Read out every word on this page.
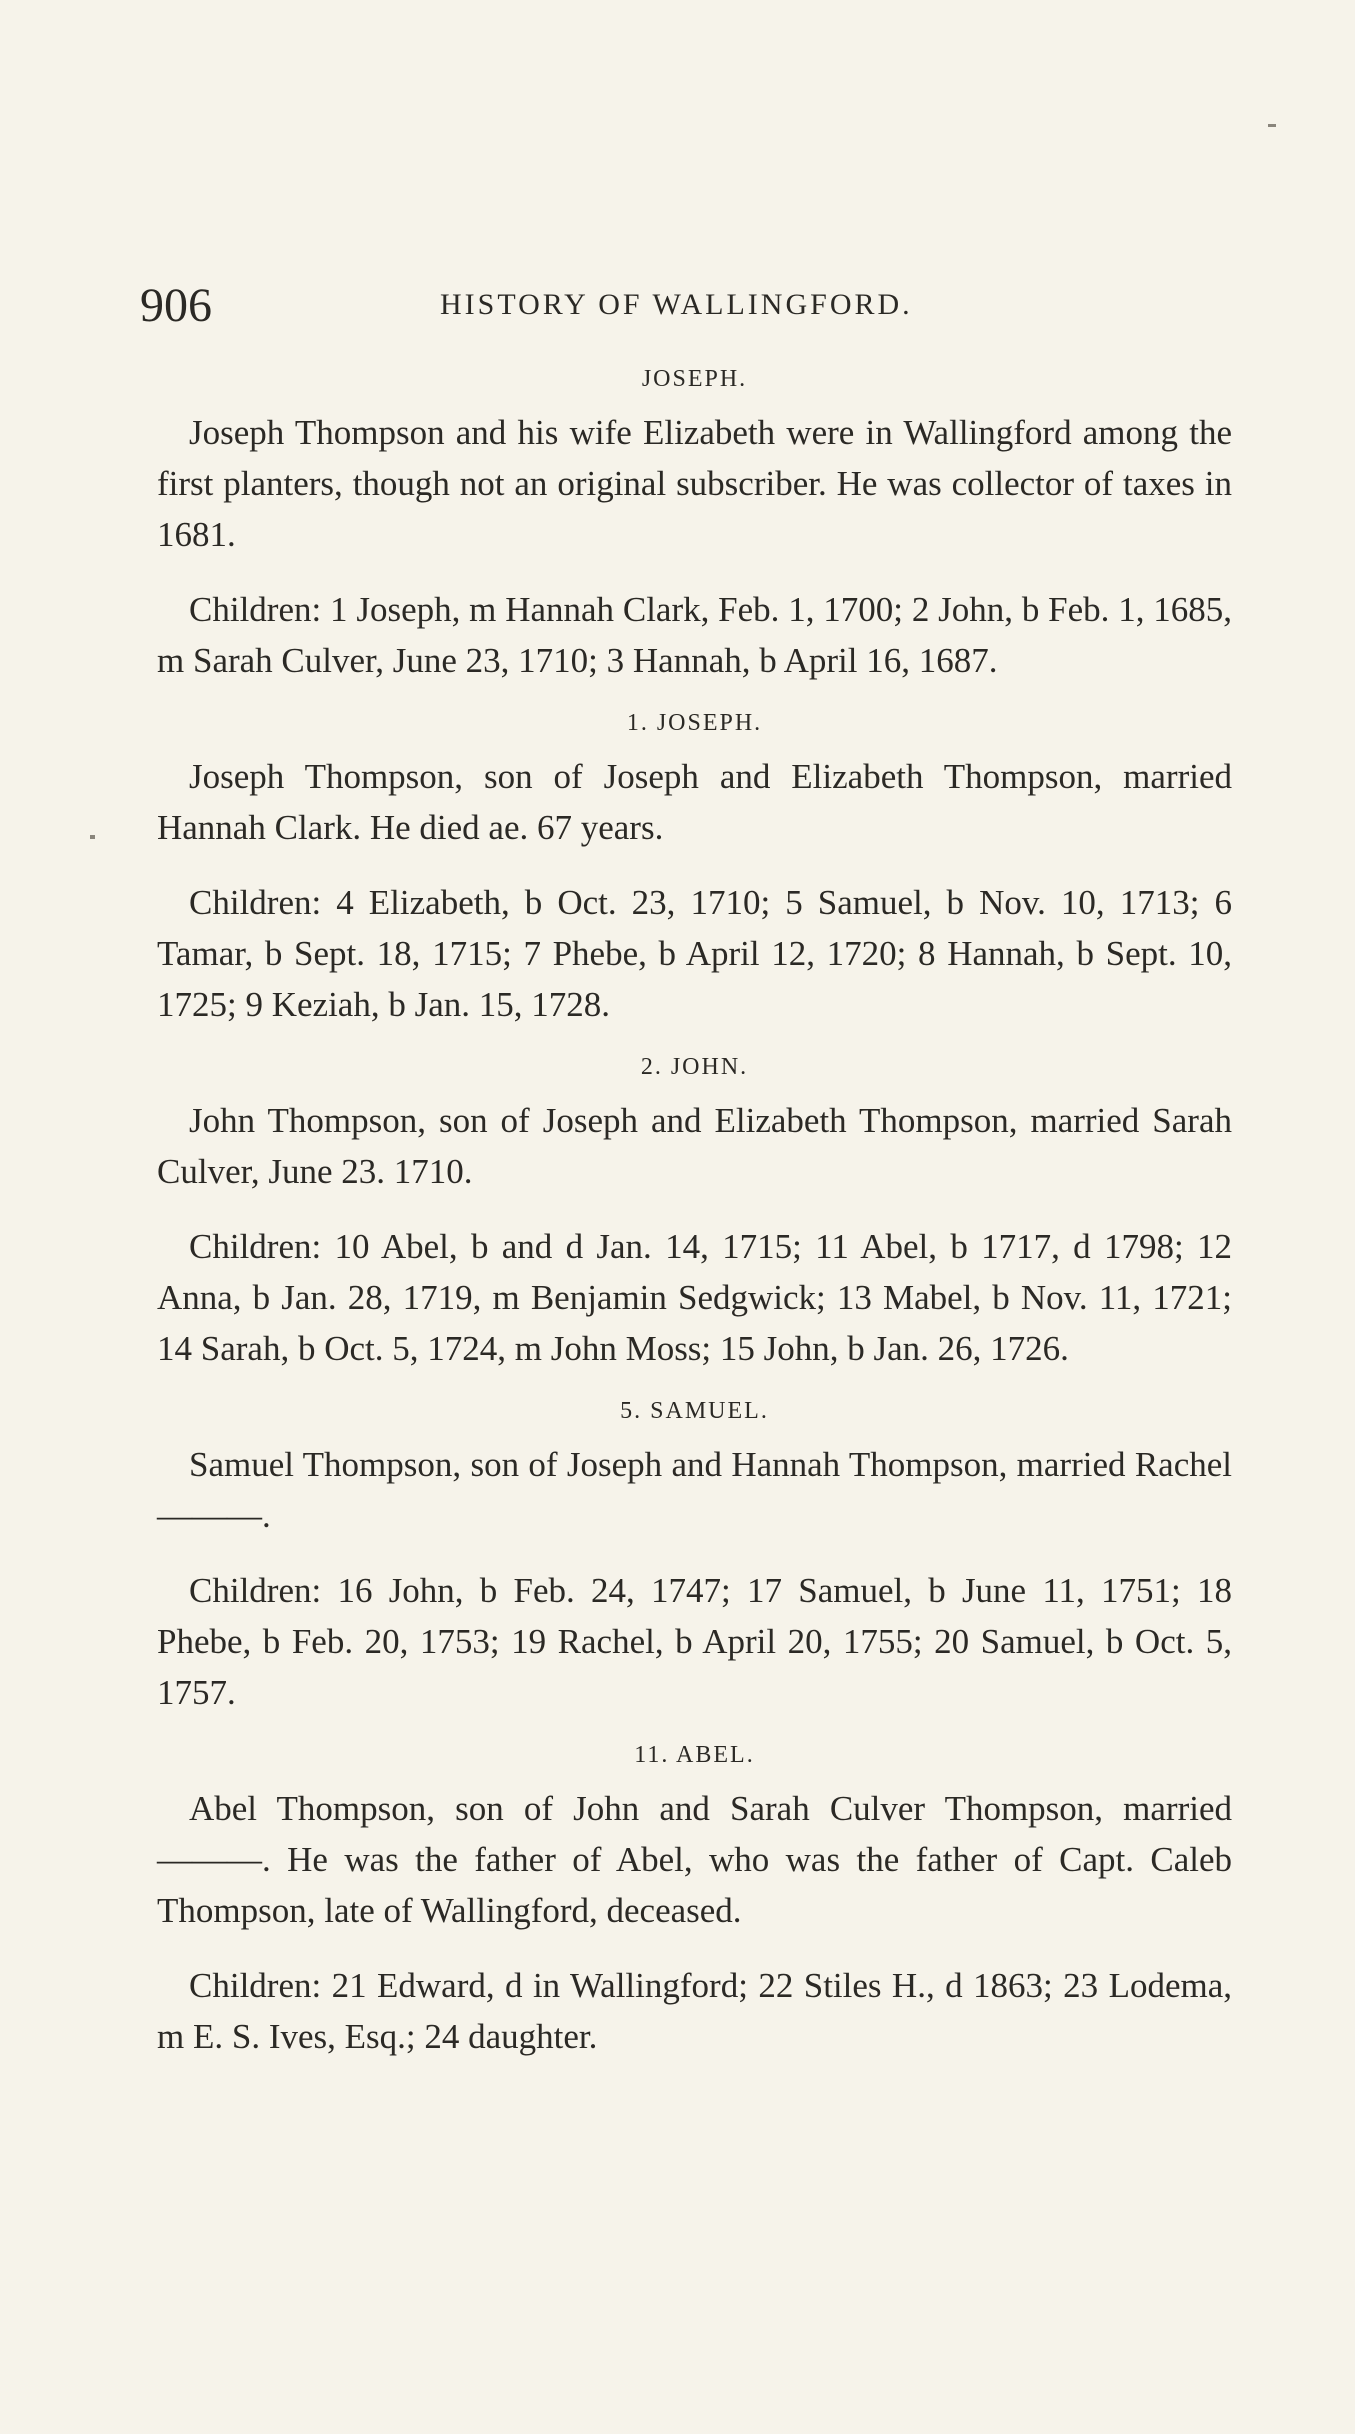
906	HISTORY OF WALLINGFORD.
JOSEPH.

Joseph Thompson and his wife Elizabeth were in Wallingford among the first planters, though not an original subscriber. He was collector of taxes in 1681.

Children: 1 Joseph, m Hannah Clark, Feb. 1, 1700; 2 John, b Feb. 1, 1685, m Sarah Culver, June 23, 1710; 3 Hannah, b April 16, 1687.

1. JOSEPH.

Joseph Thompson, son of Joseph and Elizabeth Thompson, married Hannah Clark. He died ae. 67 years.

Children: 4 Elizabeth, b Oct. 23, 1710; 5 Samuel, b Nov. 10, 1713; 6 Tamar, b Sept. 18, 1715; 7 Phebe, b April 12, 1720; 8 Hannah, b Sept. 10, 1725; 9 Keziah, b Jan. 15, 1728.

2. JOHN.

John Thompson, son of Joseph and Elizabeth Thompson, married Sarah Culver, June 23. 1710.

Children: 10 Abel, b and d Jan. 14, 1715; 11 Abel, b 1717, d 1798; 12 Anna, b Jan. 28, 1719, m Benjamin Sedgwick; 13 Mabel, b Nov. 11, 1721; 14 Sarah, b Oct. 5, 1724, m John Moss; 15 John, b Jan. 26, 1726.

5. SAMUEL.

Samuel Thompson, son of Joseph and Hannah Thompson, married Rachel ———.

Children: 16 John, b Feb. 24, 1747; 17 Samuel, b June 11, 1751; 18 Phebe, b Feb. 20, 1753; 19 Rachel, b April 20, 1755; 20 Samuel, b Oct. 5, 1757.

11. ABEL.

Abel Thompson, son of John and Sarah Culver Thompson, married ———. He was the father of Abel, who was the father of Capt. Caleb Thompson, late of Wallingford, deceased.

Children: 21 Edward, d in Wallingford; 22 Stiles H., d 1863; 23 Lodema, m E. S. Ives, Esq.; 24 daughter.
